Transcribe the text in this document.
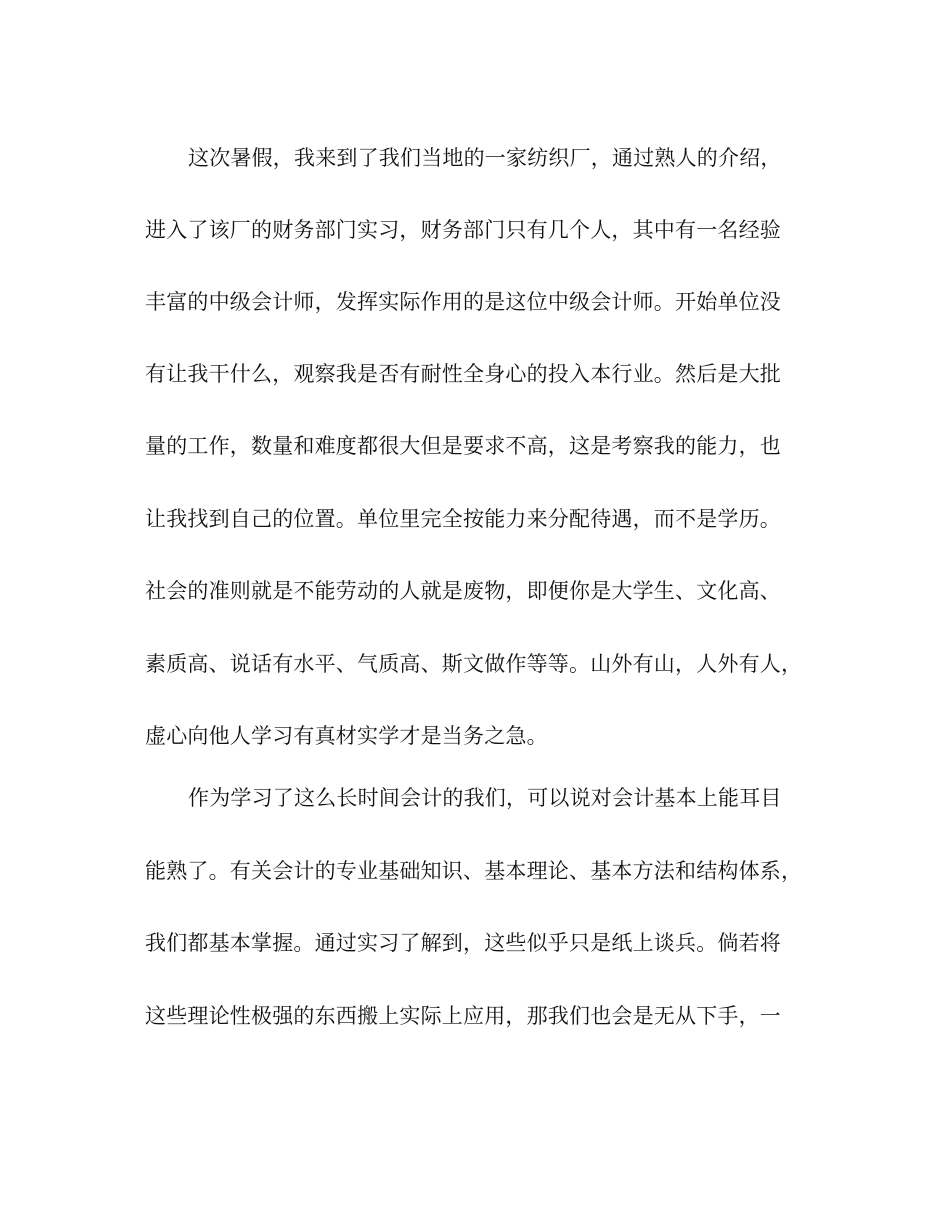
这次暑假，我来到了我们当地的一家纺织厂，通过熟人的介绍，
进入了该厂的财务部门实习，财务部门只有几个人，其中有一名经验
丰富的中级会计师，发挥实际作用的是这位中级会计师。开始单位没
有让我干什么，观察我是否有耐性全身心的投入本行业。然后是大批
量的工作，数量和难度都很大但是要求不高，这是考察我的能力，也
让我找到自己的位置。单位里完全按能力来分配待遇，而不是学历。
社会的准则就是不能劳动的人就是废物，即便你是大学生、文化高、
素质高、说话有水平、气质高、斯文做作等等。山外有山，人外有人，
虚心向他人学习有真材实学才是当务之急。
作为学习了这么长时间会计的我们，可以说对会计基本上能耳目
能熟了。有关会计的专业基础知识、基本理论、基本方法和结构体系，
我们都基本掌握。通过实习了解到，这些似乎只是纸上谈兵。倘若将
这些理论性极强的东西搬上实际上应用，那我们也会是无从下手，一
